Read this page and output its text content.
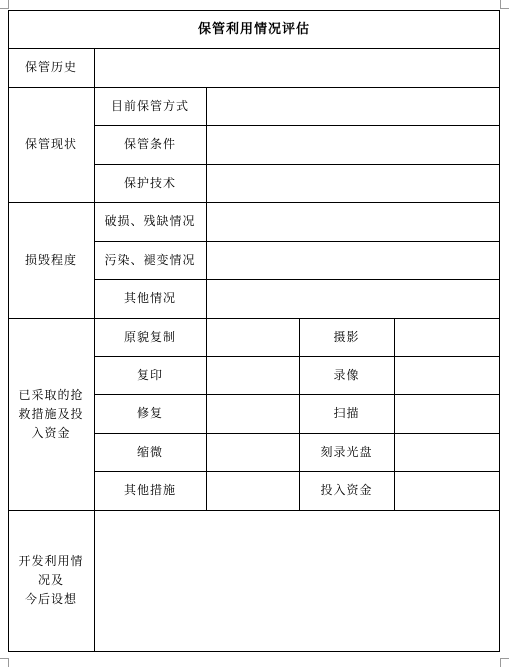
保管利用情况评估
保管历史
保管现状
目前保管方式
保管条件
保护技术
损毁程度
破损、残缺情况
污染、褪变情况
其他情况
已采取的抢
救措施及投
入资金
原貌复制
复印
修复
缩微
其他措施
摄影
录像
扫描
刻录光盘
投入资金
开发利用情
况及
今后设想
